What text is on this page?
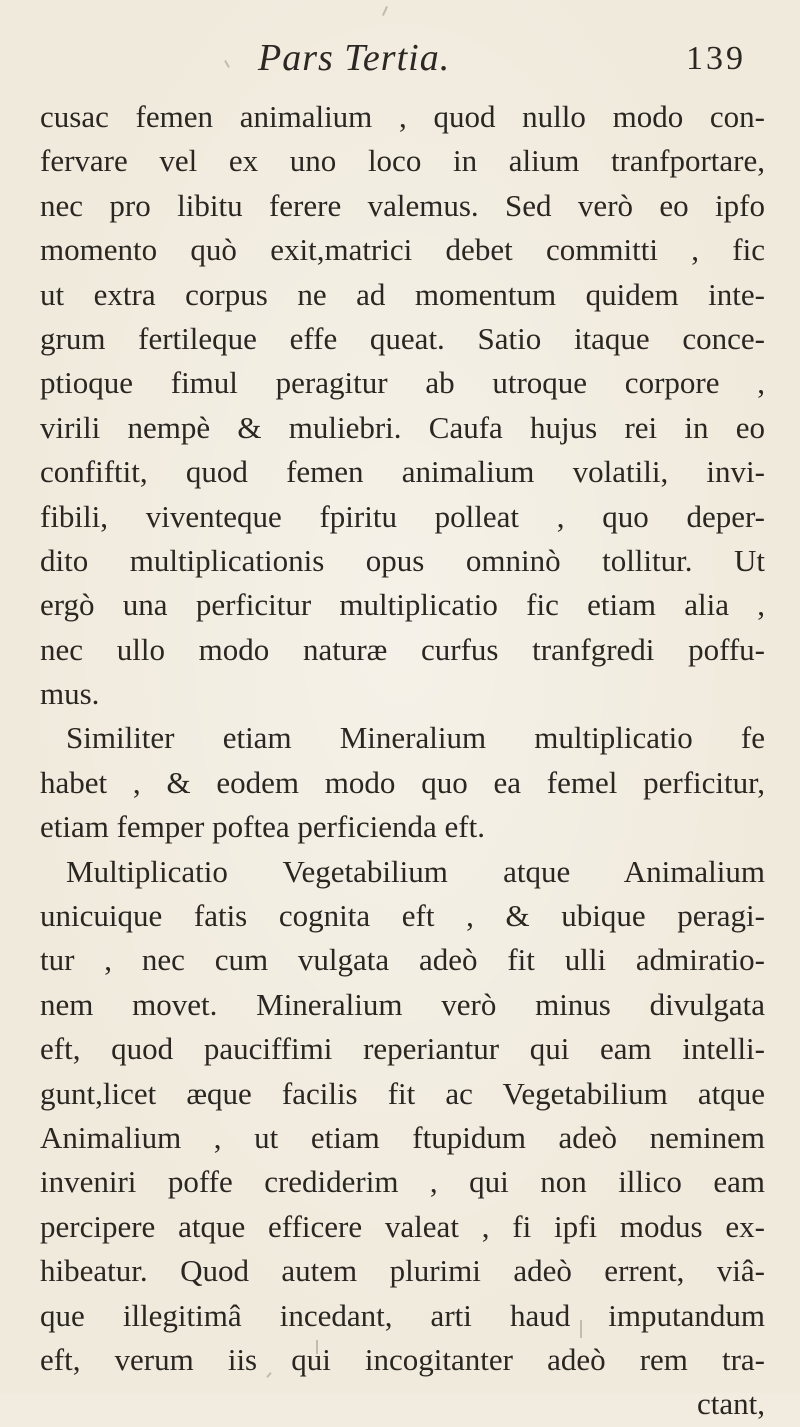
Pars Tertia.	139
cusac femen animalium , quod nullo modo con-
fervare vel ex uno loco in alium tranfportare,
nec pro libitu ferere valemus. Sed verò eo ipfo
momento quò exit,matrici debet committi , fic
ut extra corpus ne ad momentum quidem inte-
grum fertileque effe queat. Satio itaque conce-
ptioque fimul peragitur ab utroque corpore ,
virili nempè & muliebri. Caufa hujus rei in eo
confiftit, quod femen animalium volatili, invi-
fibili, viventeque fpiritu polleat , quo deper-
dito multiplicationis opus omninò tollitur. Ut
ergò una perficitur multiplicatio fic etiam alia ,
nec ullo modo naturæ curfus tranfgredi poffu-
mus.
Similiter etiam Mineralium multiplicatio fe
habet , & eodem modo quo ea femel perficitur,
etiam femper poftea perficienda eft.
Multiplicatio Vegetabilium atque Animalium
unicuique fatis cognita eft , & ubique peragi-
tur , nec cum vulgata adeò fit ulli admiratio-
nem movet. Mineralium verò minus divulgata
eft, quod pauciffimi reperiantur qui eam intelli-
gunt,licet æque facilis fit ac Vegetabilium atque
Animalium , ut etiam ftupidum adeò neminem
inveniri poffe crediderim , qui non illico eam
percipere atque efficere valeat , fi ipfi modus ex-
hibeatur. Quod autem plurimi adeò errent, viâ-
que illegitimâ incedant, arti haud imputandum
eft, verum iis qui incogitanter adeò rem tra-
ctant,
